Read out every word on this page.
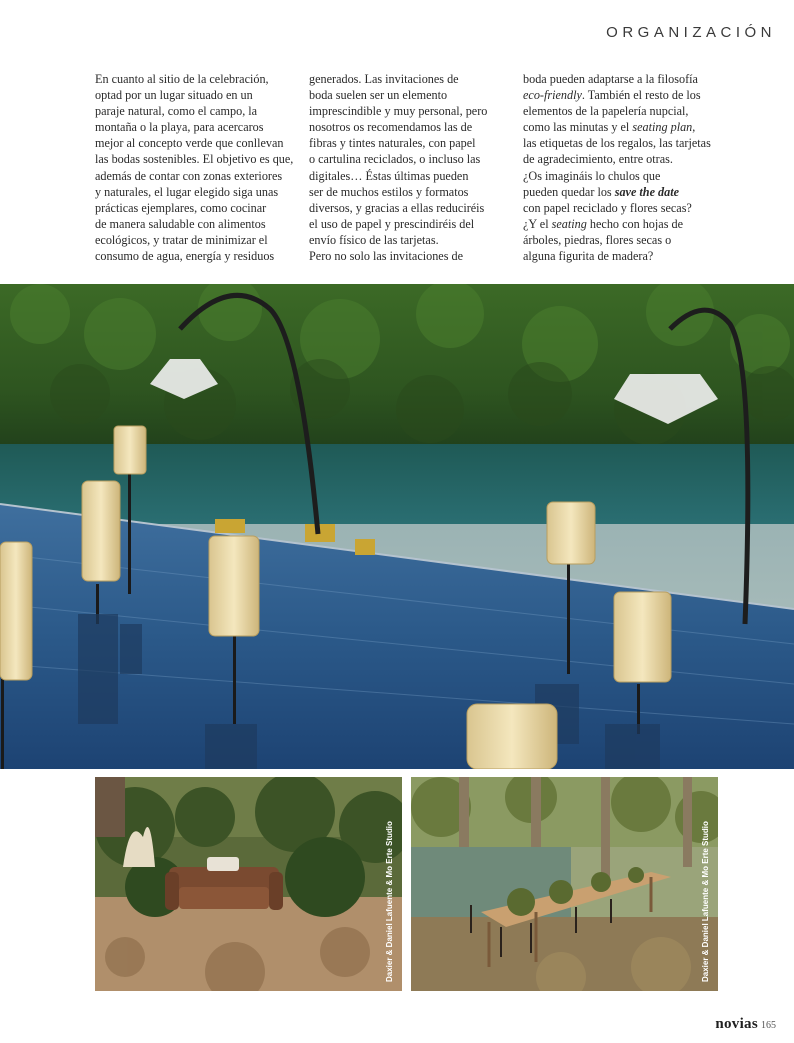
ORGANIZACIÓN
En cuanto al sitio de la celebración,
optad por un lugar situado en un
paraje natural, como el campo, la
montaña o la playa, para acercaros
mejor al concepto verde que conllevan
las bodas sostenibles. El objetivo es que,
además de contar con zonas exteriores
y naturales, el lugar elegido siga unas
prácticas ejemplares, como cocinar
de manera saludable con alimentos
ecológicos, y tratar de minimizar el
consumo de agua, energía y residuos
generados. Las invitaciones de
boda suelen ser un elemento
imprescindible y muy personal, pero
nosotros os recomendamos las de
fibras y tintes naturales, con papel
o cartulina reciclados, o incluso las
digitales… Éstas últimas pueden
ser de muchos estilos y formatos
diversos, y gracias a ellas reduciréis
el uso de papel y prescindiréis del
envío físico de las tarjetas.
Pero no solo las invitaciones de
boda pueden adaptarse a la filosofía
eco-friendly. También el resto de los
elementos de la papelería nupcial,
como las minutas y el seating plan,
las etiquetas de los regalos, las tarjetas
de agradecimiento, entre otras.
¿Os imagináis lo chulos que
pueden quedar los save the date
con papel reciclado y flores secas?
¿Y el seating hecho con hojas de
árboles, piedras, flores secas o
alguna figurita de madera?
Daxier & Daniel Lafuente & Mo Erte Studio	Daxier & Daniel Lafuente & Mo Erte Studio
novias 165
